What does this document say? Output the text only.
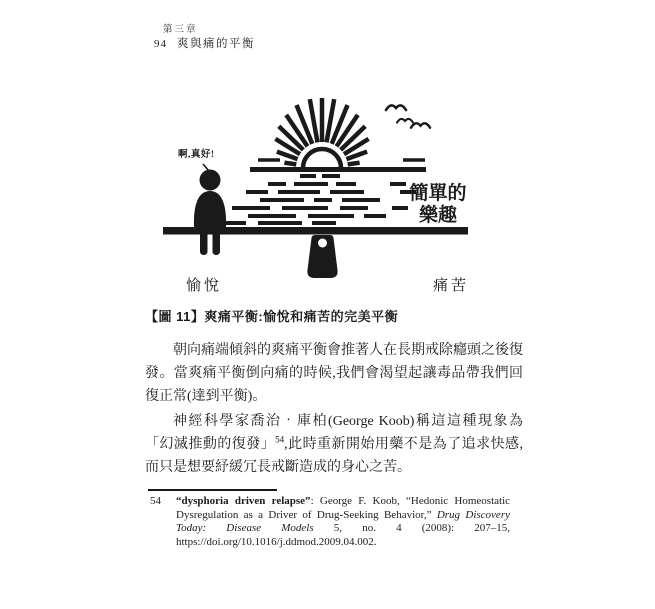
第三章
94 爽與痛的平衡
啊,真好!
簡單的
樂趣
愉悅	痛苦
【圖 11】爽痛平衡:愉悅和痛苦的完美平衡

朝向痛端傾斜的爽痛平衡會推著人在長期戒除癮頭之後復發。當爽痛平衡倒向痛的時候,我們會渴望起讓毒品帶我們回復正常(達到平衡)。

神經科學家喬治‧庫柏(George Koob)稱這這種現象為「幻滅推動的復發」$^{54}$,此時重新開始用藥不是為了追求快感,而只是想要紓緩冗長戒斷造成的身心之苦。

54	“dysphoria driven relapse”: George F. Koob, “Hedonic Homeostatic Dysregulation as a Driver of Drug-Seeking Behavior,” Drug Discovery Today: Disease Models 5, no. 4 (2008): 207–15, https://doi.org/10.1016/j.ddmod.2009.04.002.
